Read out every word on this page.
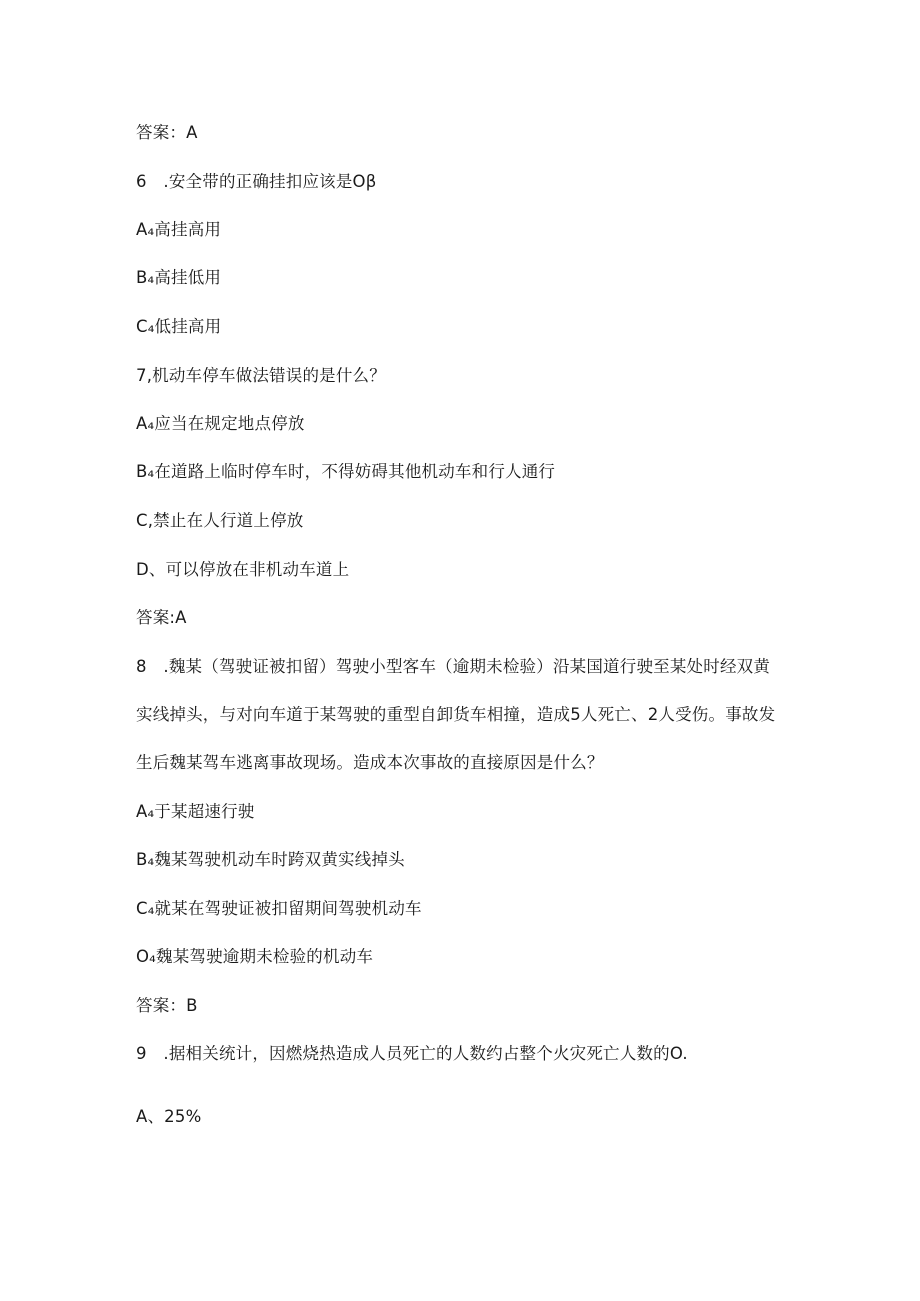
答案：A
6　.安全带的正确挂扣应该是Oβ
A₄高挂高用
B₄高挂低用
C₄低挂高用
7,机动车停车做法错误的是什么？
A₄应当在规定地点停放
B₄在道路上临时停车时，不得妨碍其他机动车和行人通行
C,禁止在人行道上停放
D、可以停放在非机动车道上
答案:A
8　.魏某（驾驶证被扣留）驾驶小型客车（逾期未检验）沿某国道行驶至某处时经双黄
实线掉头，与对向车道于某驾驶的重型自卸货车相撞，造成5人死亡、2人受伤。事故发
生后魏某驾车逃离事故现场。造成本次事故的直接原因是什么？
A₄于某超速行驶
B₄魏某驾驶机动车时跨双黄实线掉头
C₄就某在驾驶证被扣留期间驾驶机动车
O₄魏某驾驶逾期未检验的机动车
答案：B
9　.据相关统计，因燃烧热造成人员死亡的人数约占整个火灾死亡人数的O.
A、25%
